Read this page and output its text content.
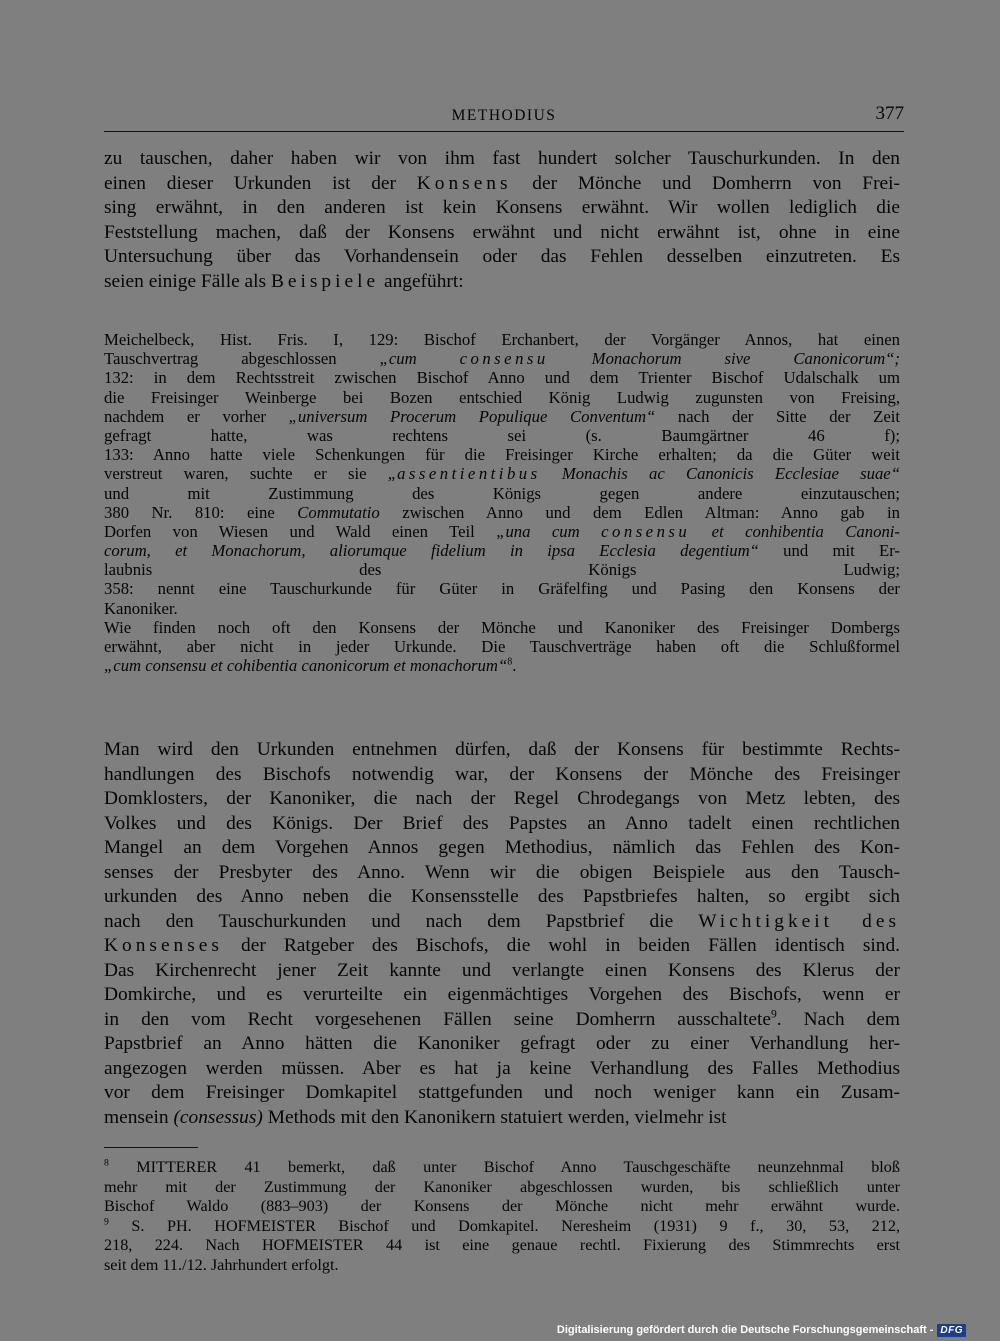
METHODIUS	377
zu tauschen, daher haben wir von ihm fast hundert solcher Tauschurkunden. In den
einen dieser Urkunden ist der Konsens der Mönche und Domherrn von Frei-
sing erwähnt, in den anderen ist kein Konsens erwähnt. Wir wollen lediglich die
Feststellung machen, daß der Konsens erwähnt und nicht erwähnt ist, ohne in eine
Untersuchung über das Vorhandensein oder das Fehlen desselben einzutreten. Es
seien einige Fälle als Beispiele angeführt:
Meichelbeck, Hist. Fris. I, 129: Bischof Erchanbert, der Vorgänger Annos, hat einen
Tauschvertrag abgeschlossen „cum consensu Monachorum sive Canonicorum“;
132: in dem Rechtsstreit zwischen Bischof Anno und dem Trienter Bischof Udalschalk um
die Freisinger Weinberge bei Bozen entschied König Ludwig zugunsten von Freising,
nachdem er vorher „universum Procerum Populique Conventum“ nach der Sitte der Zeit
gefragt hatte, was rechtens sei (s. Baumgärtner 46 f);
133: Anno hatte viele Schenkungen für die Freisinger Kirche erhalten; da die Güter weit
verstreut waren, suchte er sie „assentientibus Monachis ac Canonicis Ecclesiae suae“
und mit Zustimmung des Königs gegen andere einzutauschen;
380 Nr. 810: eine Commutatio zwischen Anno und dem Edlen Altman: Anno gab in
Dorfen von Wiesen und Wald einen Teil „una cum consensu et conhibentia Canoni-
corum, et Monachorum, aliorumque fidelium in ipsa Ecclesia degentium“ und mit Er-
laubnis des Königs Ludwig;
358: nennt eine Tauschurkunde für Güter in Gräfelfing und Pasing den Konsens der
Kanoniker.
Wie finden noch oft den Konsens der Mönche und Kanoniker des Freisinger Dombergs
erwähnt, aber nicht in jeder Urkunde. Die Tauschverträge haben oft die Schlußformel
„cum consensu et cohibentia canonicorum et monachorum“$^8$.
Man wird den Urkunden entnehmen dürfen, daß der Konsens für bestimmte Rechts-
handlungen des Bischofs notwendig war, der Konsens der Mönche des Freisinger
Domklosters, der Kanoniker, die nach der Regel Chrodegangs von Metz lebten, des
Volkes und des Königs. Der Brief des Papstes an Anno tadelt einen rechtlichen
Mangel an dem Vorgehen Annos gegen Methodius, nämlich das Fehlen des Kon-
senses der Presbyter des Anno. Wenn wir die obigen Beispiele aus den Tausch-
urkunden des Anno neben die Konsensstelle des Papstbriefes halten, so ergibt sich
nach den Tauschurkunden und nach dem Papstbrief die Wichtigkeit des
Konsenses der Ratgeber des Bischofs, die wohl in beiden Fällen identisch sind.
Das Kirchenrecht jener Zeit kannte und verlangte einen Konsens des Klerus der
Domkirche, und es verurteilte ein eigenmächtiges Vorgehen des Bischofs, wenn er
in den vom Recht vorgesehenen Fällen seine Domherrn ausschaltete$^9$. Nach dem
Papstbrief an Anno hätten die Kanoniker gefragt oder zu einer Verhandlung her-
angezogen werden müssen. Aber es hat ja keine Verhandlung des Falles Methodius
vor dem Freisinger Domkapitel stattgefunden und noch weniger kann ein Zusam-
mensein (consessus) Methods mit den Kanonikern statuiert werden, vielmehr ist
$^8$ MITTERER 41 bemerkt, daß unter Bischof Anno Tauschgeschäfte neunzehnmal bloß
mehr mit der Zustimmung der Kanoniker abgeschlossen wurden, bis schließlich unter
Bischof Waldo (883–903) der Konsens der Mönche nicht mehr erwähnt wurde.
$^9$ S. PH. HOFMEISTER Bischof und Domkapitel. Neresheim (1931) 9 f., 30, 53, 212,
218, 224. Nach HOFMEISTER 44 ist eine genaue rechtl. Fixierung des Stimmrechts erst
seit dem 11./12. Jahrhundert erfolgt.
Digitalisierung gefördert durch die Deutsche Forschungsgemeinschaft - DFG
